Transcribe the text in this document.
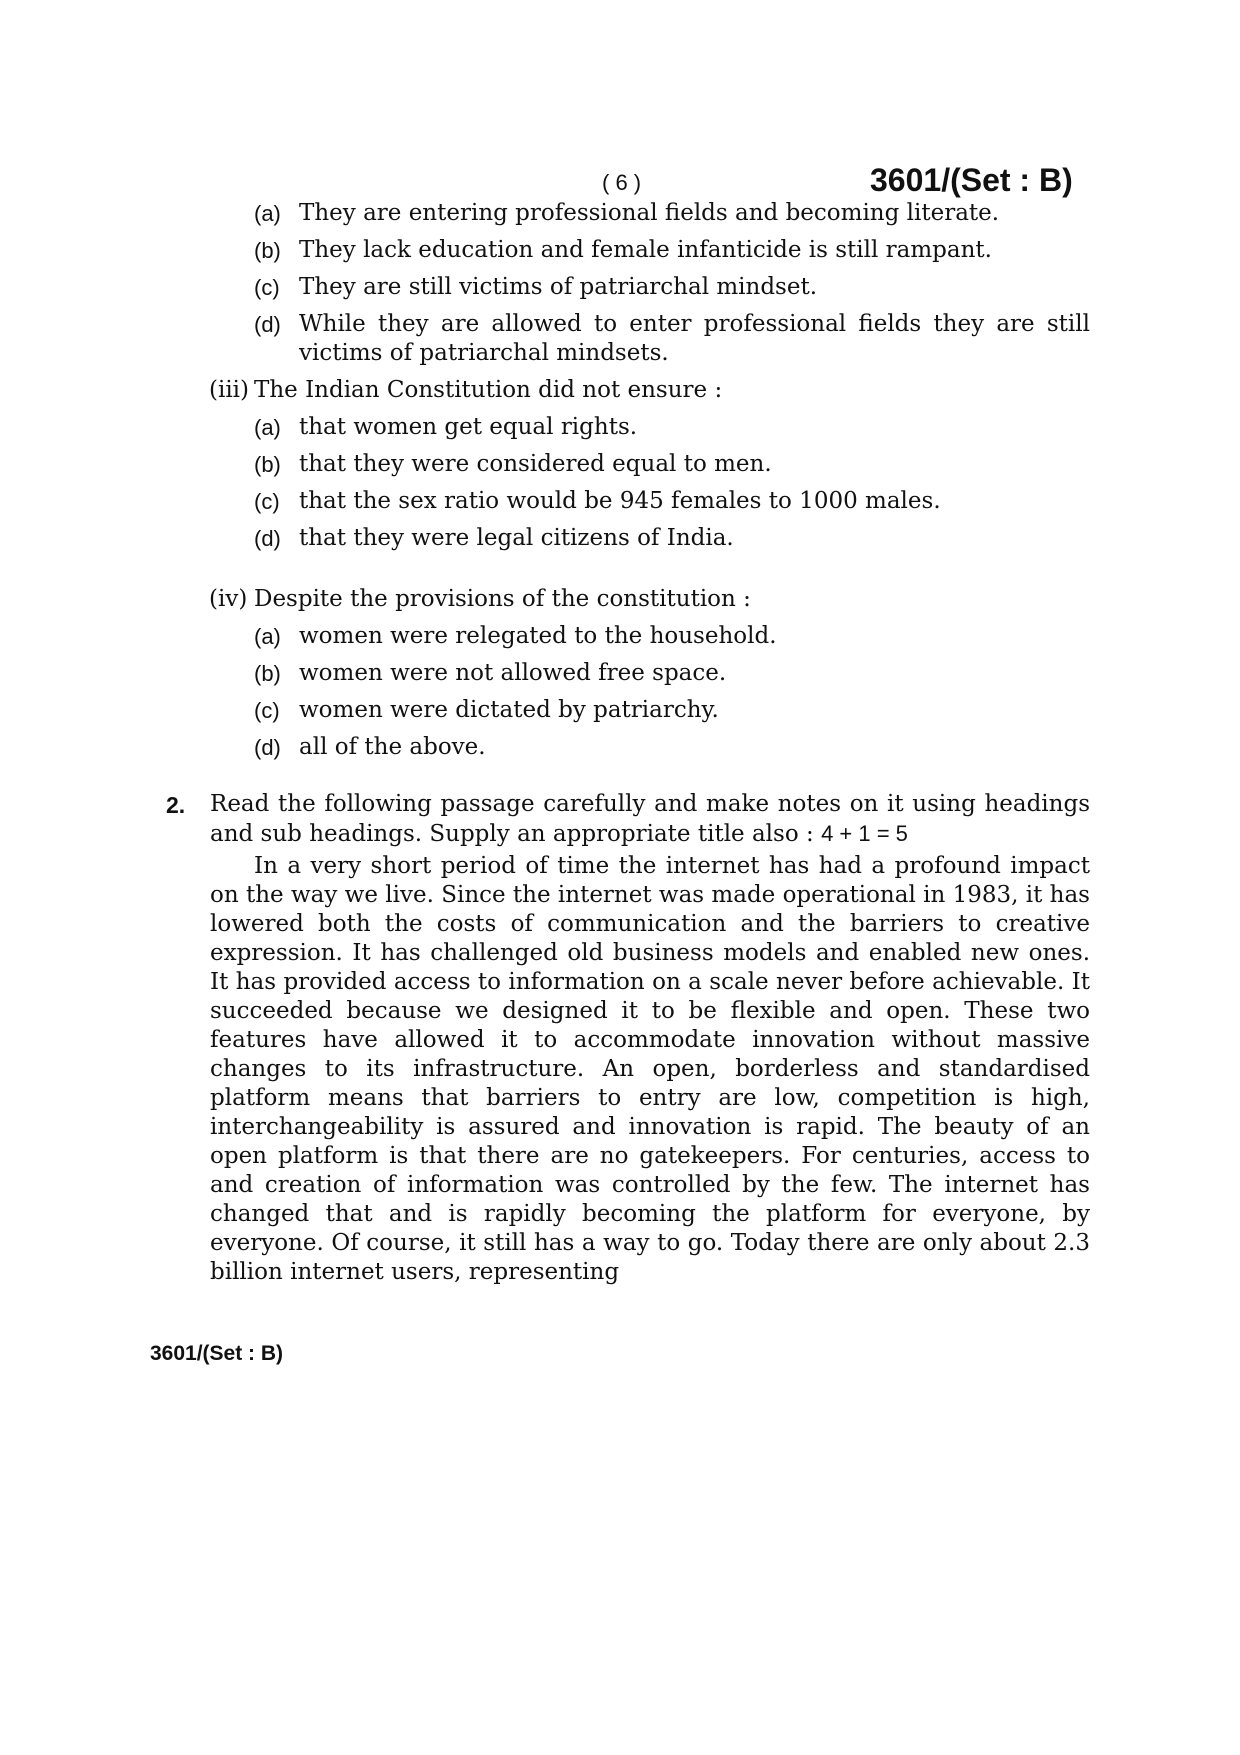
( 6 )	3601/(Set : B)
(a) They are entering professional fields and becoming literate.
(b) They lack education and female infanticide is still rampant.
(c) They are still victims of patriarchal mindset.
(d) While they are allowed to enter professional fields they are still victims of patriarchal mindsets.
(iii) The Indian Constitution did not ensure :
(a) that women get equal rights.
(b) that they were considered equal to men.
(c) that the sex ratio would be 945 females to 1000 males.
(d) that they were legal citizens of India.
(iv) Despite the provisions of the constitution :
(a) women were relegated to the household.
(b) women were not allowed free space.
(c) women were dictated by patriarchy.
(d) all of the above.
2. Read the following passage carefully and make notes on it using headings and sub headings. Supply an appropriate title also : 4 + 1 = 5
In a very short period of time the internet has had a profound impact on the way we live. Since the internet was made operational in 1983, it has lowered both the costs of communication and the barriers to creative expression. It has challenged old business models and enabled new ones. It has provided access to information on a scale never before achievable. It succeeded because we designed it to be flexible and open. These two features have allowed it to accommodate innovation without massive changes to its infrastructure. An open, borderless and standardised platform means that barriers to entry are low, competition is high, interchangeability is assured and innovation is rapid. The beauty of an open platform is that there are no gatekeepers. For centuries, access to and creation of information was controlled by the few. The internet has changed that and is rapidly becoming the platform for everyone, by everyone. Of course, it still has a way to go. Today there are only about 2.3 billion internet users, representing
3601/(Set : B)
